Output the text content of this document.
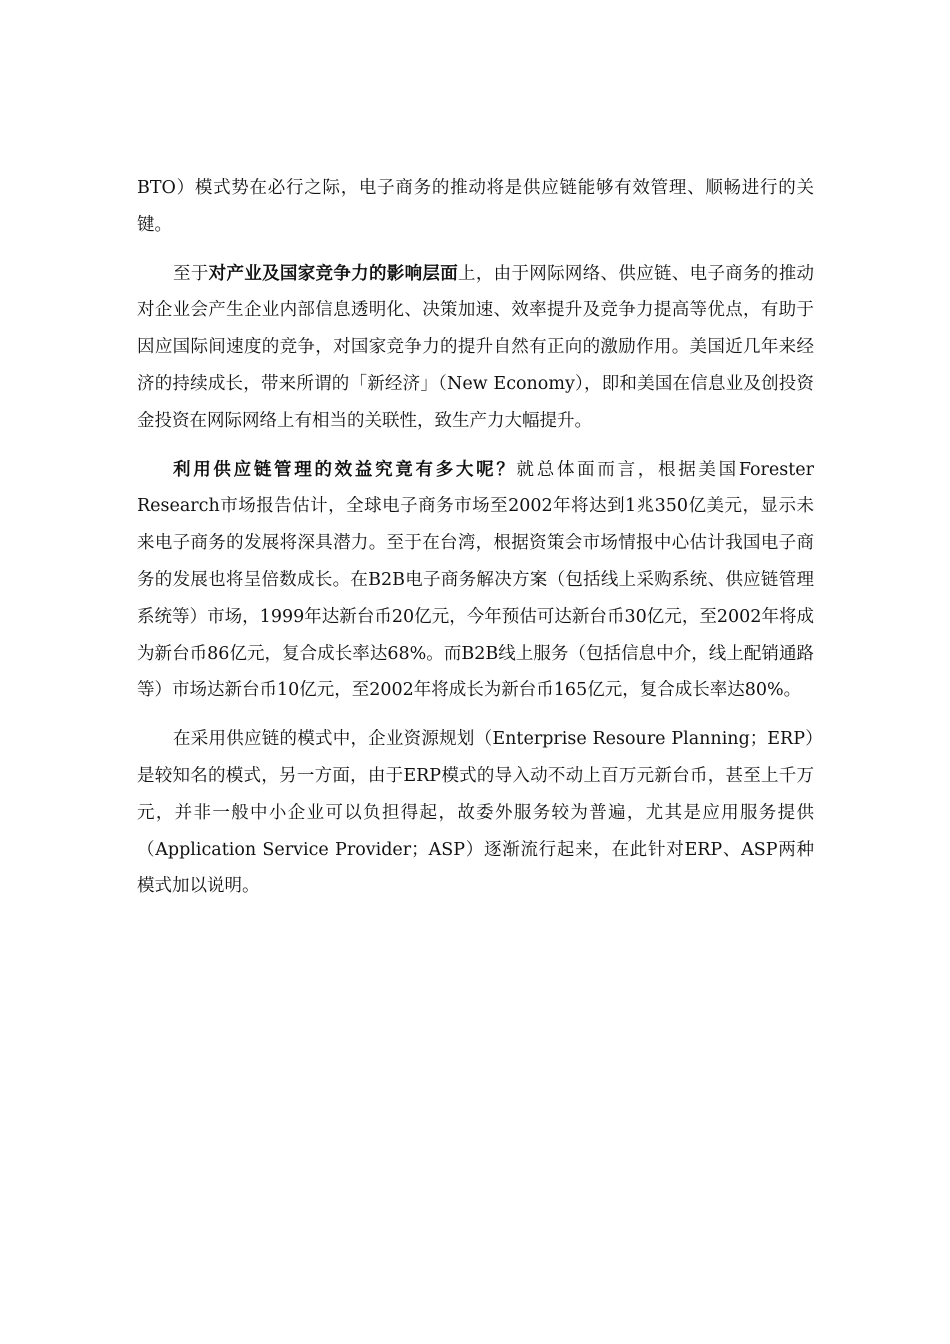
BTO）模式势在必行之际，电子商务的推动将是供应链能够有效管理、顺畅进行的关键。

至于对产业及国家竞争力的影响层面上，由于网际网络、供应链、电子商务的推动对企业会产生企业内部信息透明化、决策加速、效率提升及竞争力提高等优点，有助于因应国际间速度的竞争，对国家竞争力的提升自然有正向的激励作用。美国近几年来经济的持续成长，带来所谓的「新经济」（New Economy），即和美国在信息业及创投资金投资在网际网络上有相当的关联性，致生产力大幅提升。

利用供应链管理的效益究竟有多大呢？就总体面而言，根据美国Forester Research市场报告估计，全球电子商务市场至2002年将达到1兆350亿美元，显示未来电子商务的发展将深具潜力。至于在台湾，根据资策会市场情报中心估计我国电子商务的发展也将呈倍数成长。在B2B电子商务解决方案（包括线上采购系统、供应链管理系统等）市场，1999年达新台币20亿元，今年预估可达新台币30亿元，至2002年将成为新台币86亿元，复合成长率达68%。而B2B线上服务（包括信息中介，线上配销通路等）市场达新台币10亿元，至2002年将成长为新台币165亿元，复合成长率达80%。

在采用供应链的模式中，企业资源规划（Enterprise Resoure Planning；ERP）是较知名的模式，另一方面，由于ERP模式的导入动不动上百万元新台币，甚至上千万元，并非一般中小企业可以负担得起，故委外服务较为普遍，尤其是应用服务提供（Application Service Provider；ASP）逐渐流行起来，在此针对ERP、ASP两种模式加以说明。
